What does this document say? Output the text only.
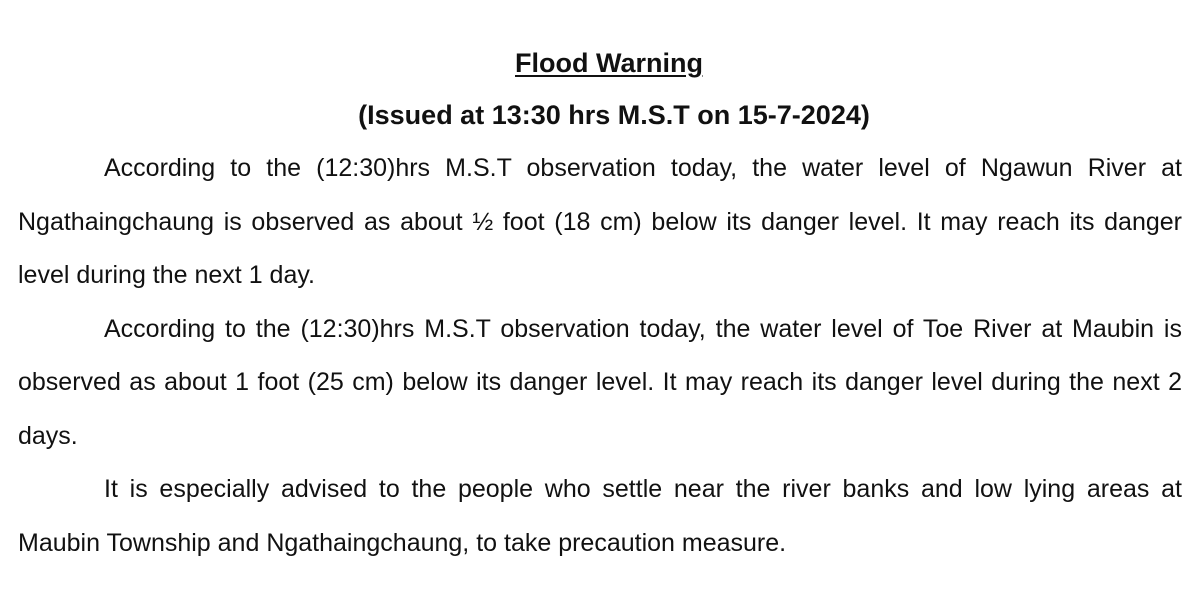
Flood Warning
(Issued at 13:30 hrs M.S.T on 15-7-2024)

According to the (12:30)hrs M.S.T observation today, the water level of Ngawun River at Ngathaingchaung is observed as about ½ foot (18 cm) below its danger level. It may reach its danger level during the next 1 day.

According to the (12:30)hrs M.S.T observation today, the water level of Toe River at Maubin is observed as about 1 foot (25 cm) below its danger level. It may reach its danger level during the next 2 days.

It is especially advised to the people who settle near the river banks and low lying areas at Maubin Township and Ngathaingchaung, to take precaution measure.
